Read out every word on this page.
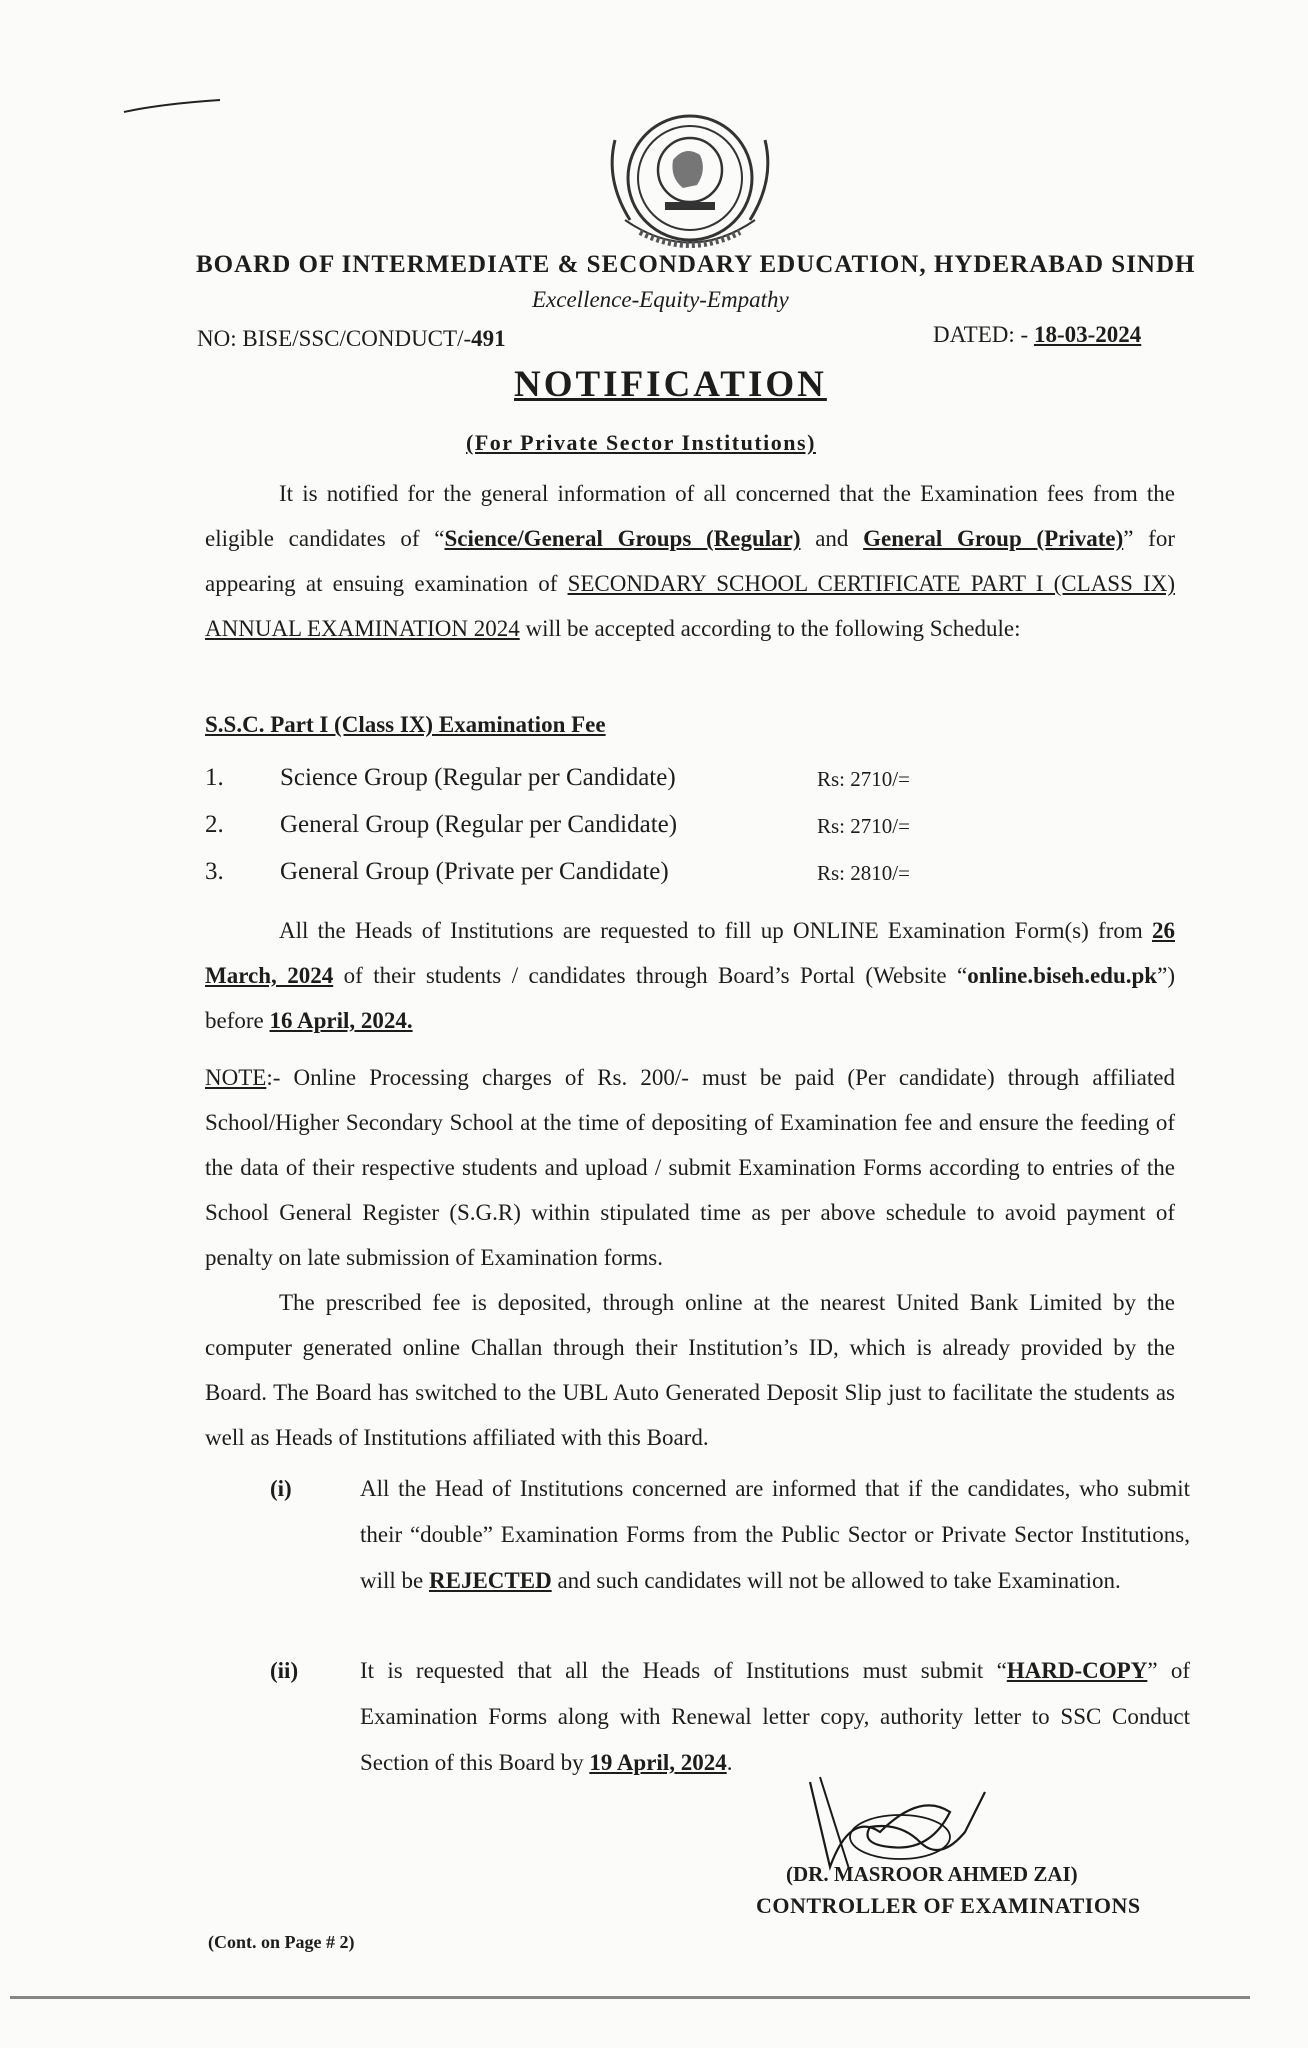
BOARD OF INTERMEDIATE & SECONDARY EDUCATION, HYDERABAD SINDH
Excellence-Equity-Empathy
NO: BISE/SSC/CONDUCT/-491	DATED: - 18-03-2024
NOTIFICATION
(For Private Sector Institutions)

It is notified for the general information of all concerned that the Examination fees from the eligible candidates of “Science/General Groups (Regular) and General Group (Private)” for appearing at ensuing examination of SECONDARY SCHOOL CERTIFICATE PART I (CLASS IX) ANNUAL EXAMINATION 2024 will be accepted according to the following Schedule:

S.S.C. Part I (Class IX) Examination Fee
1. Science Group (Regular per Candidate)	Rs: 2710/=
2. General Group (Regular per Candidate)	Rs: 2710/=
3. General Group (Private per Candidate)	Rs: 2810/=

All the Heads of Institutions are requested to fill up ONLINE Examination Form(s) from 26 March, 2024 of their students / candidates through Board’s Portal (Website “online.biseh.edu.pk”) before 16 April, 2024.

NOTE:- Online Processing charges of Rs. 200/- must be paid (Per candidate) through affiliated School/Higher Secondary School at the time of depositing of Examination fee and ensure the feeding of the data of their respective students and upload / submit Examination Forms according to entries of the School General Register (S.G.R) within stipulated time as per above schedule to avoid payment of penalty on late submission of Examination forms.

The prescribed fee is deposited, through online at the nearest United Bank Limited by the computer generated online Challan through their Institution’s ID, which is already provided by the Board. The Board has switched to the UBL Auto Generated Deposit Slip just to facilitate the students as well as Heads of Institutions affiliated with this Board.

(i)	All the Head of Institutions concerned are informed that if the candidates, who submit their “double” Examination Forms from the Public Sector or Private Sector Institutions, will be REJECTED and such candidates will not be allowed to take Examination.
(ii)	It is requested that all the Heads of Institutions must submit “HARD-COPY” of Examination Forms along with Renewal letter copy, authority letter to SSC Conduct Section of this Board by 19 April, 2024.
(DR. MASROOR AHMED ZAI)
CONTROLLER OF EXAMINATIONS
(Cont. on Page # 2)
